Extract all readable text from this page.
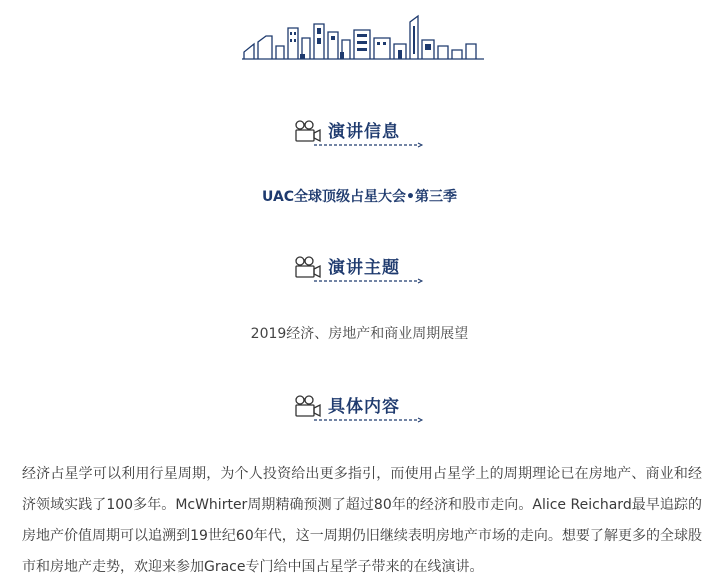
演讲信息
UAC全球顶级占星大会•第三季
演讲主题
2019经济、房地产和商业周期展望
具体内容

经济占星学可以利用行星周期，为个人投资给出更多指引，而使用占星学上的周期理论已在房地产、商业和经济领域实践了100多年。McWhirter周期精确预测了超过80年的经济和股市走向。Alice Reichard最早追踪的房地产价值周期可以追溯到19世纪60年代，这一周期仍旧继续表明房地产市场的走向。想要了解更多的全球股市和房地产走势，欢迎来参加Grace专门给中国占星学子带来的在线演讲。
